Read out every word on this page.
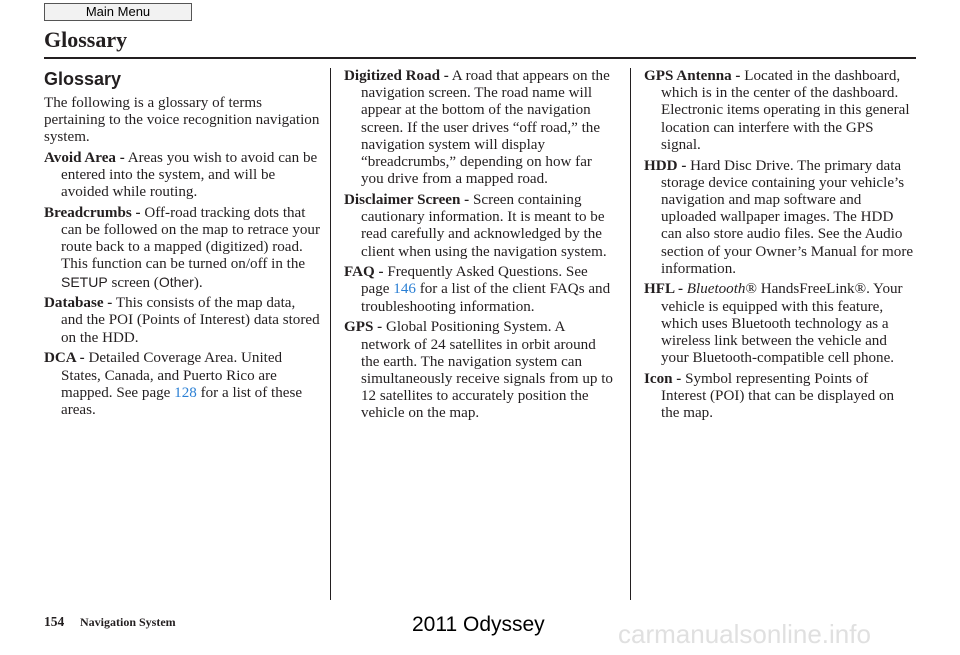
Main Menu
Glossary
Glossary

The following is a glossary of terms pertaining to the voice recognition navigation system.

Avoid Area - Areas you wish to avoid can be entered into the system, and will be avoided while routing.

Breadcrumbs - Off-road tracking dots that can be followed on the map to retrace your route back to a mapped (digitized) road. This function can be turned on/off in the SETUP screen (Other).

Database - This consists of the map data, and the POI (Points of Interest) data stored on the HDD.

DCA - Detailed Coverage Area. United States, Canada, and Puerto Rico are mapped. See page 128 for a list of these areas.

Digitized Road - A road that appears on the navigation screen. The road name will appear at the bottom of the navigation screen. If the user drives “off road,” the navigation system will display “breadcrumbs,” depending on how far you drive from a mapped road.

Disclaimer Screen - Screen containing cautionary information. It is meant to be read carefully and acknowledged by the client when using the navigation system.

FAQ - Frequently Asked Questions. See page 146 for a list of the client FAQs and troubleshooting information.

GPS - Global Positioning System. A network of 24 satellites in orbit around the earth. The navigation system can simultaneously receive signals from up to 12 satellites to accurately position the vehicle on the map.

GPS Antenna - Located in the dashboard, which is in the center of the dashboard. Electronic items operating in this general location can interfere with the GPS signal.

HDD - Hard Disc Drive. The primary data storage device containing your vehicle’s navigation and map software and uploaded wallpaper images. The HDD can also store audio files. See the Audio section of your Owner’s Manual for more information.

HFL - Bluetooth® HandsFreeLink®. Your vehicle is equipped with this feature, which uses Bluetooth technology as a wireless link between the vehicle and your Bluetooth-compatible cell phone.

Icon - Symbol representing Points of Interest (POI) that can be displayed on the map.

154 Navigation System	2011 Odyssey	carmanualsonline.info
